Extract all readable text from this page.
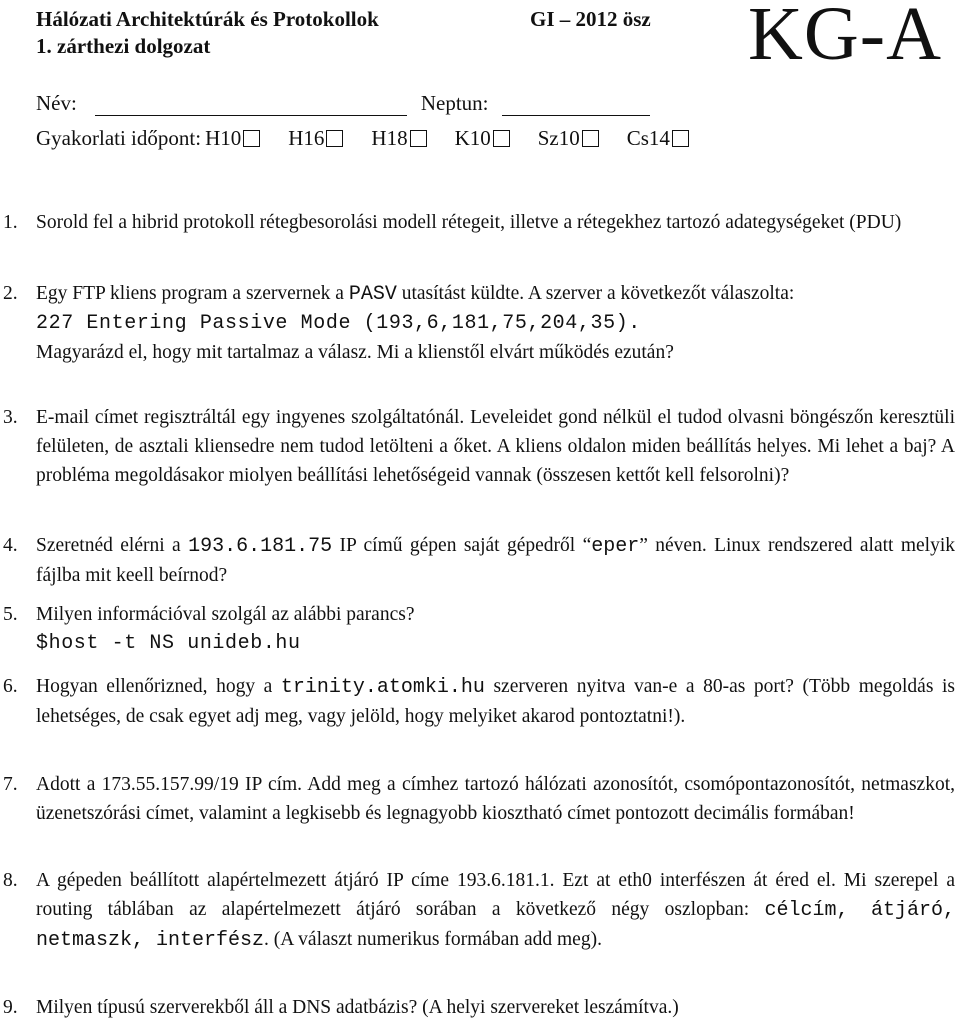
Hálózati Architektúrák és Protokollok
1. zárthezi dolgozat
GI – 2012 ösz KG-A
Név:	Neptun:
Gyakorlati időpont: H10 H16 H18 K10 Sz10 Cs14
1. Sorold fel a hibrid protokoll rétegbesorolási modell rétegeit, illetve a rétegekhez tartozó adategységeket (PDU)
2. Egy FTP kliens program a szervernek a PASV utasítást küldte. A szerver a következőt válaszolta:
227 Entering Passive Mode (193,6,181,75,204,35).
Magyarázd el, hogy mit tartalmaz a válasz. Mi a klienstől elvárt működés ezután?
3. E-mail címet regisztráltál egy ingyenes szolgáltatónál. Leveleidet gond nélkül el tudod olvasni böngészőn keresztüli felületen, de asztali kliensedre nem tudod letölteni a őket. A kliens oldalon miden beállítás helyes. Mi lehet a baj? A probléma megoldásakor miolyen beállítási lehetőségeid vannak (összesen kettőt kell felsorolni)?
4. Szeretnéd elérni a 193.6.181.75 IP című gépen saját gépedről “eper” néven. Linux rendszered alatt melyik fájlba mit keell beírnod?
5. Milyen információval szolgál az alábbi parancs?
$host -t NS unideb.hu
6. Hogyan ellenőrizned, hogy a trinity.atomki.hu szerveren nyitva van-e a 80-as port? (Több megoldás is lehetséges, de csak egyet adj meg, vagy jelöld, hogy melyiket akarod pontoztatni!).
7. Adott a 173.55.157.99/19 IP cím. Add meg a címhez tartozó hálózati azonosítót, csomópontazonosítót, netmaszkot, üzenetszórási címet, valamint a legkisebb és legnagyobb kiosztható címet pontozott decimális formában!
8. A gépeden beállított alapértelmezett átjáró IP címe 193.6.181.1. Ezt at eth0 interfészen át éred el. Mi szerepel a routing táblában az alapértelmezett átjáró sorában a következő négy oszlopban: célcím, átjáró, netmaszk, interfész. (A választ numerikus formában add meg).
9. Milyen típusú szerverekből áll a DNS adatbázis? (A helyi szervereket leszámítva.)
